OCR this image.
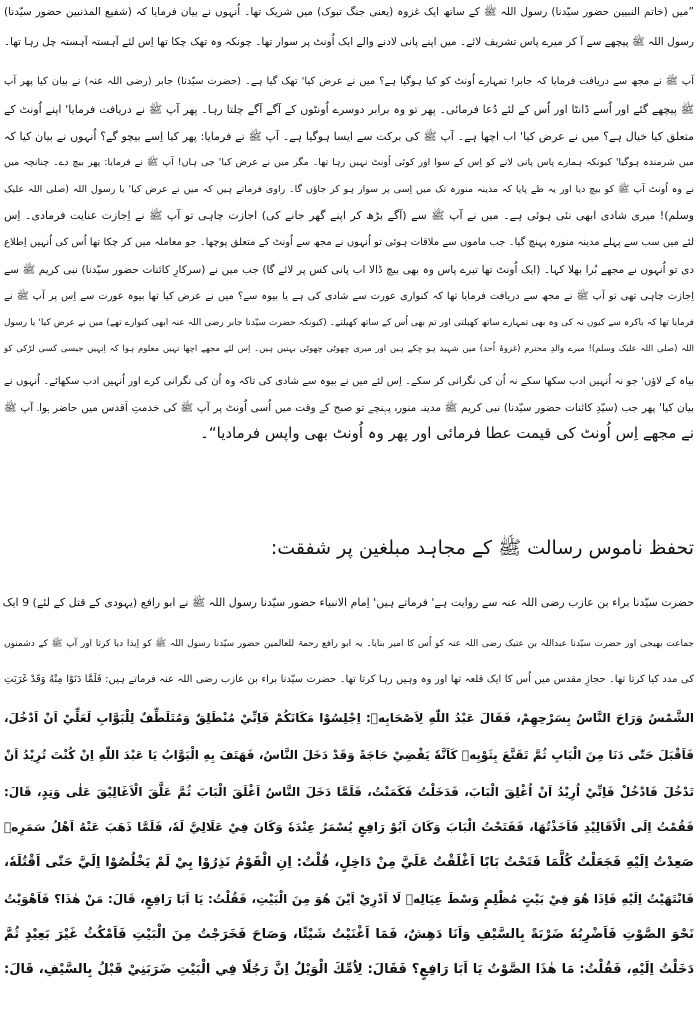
”میں (خاتم النبیین حضور سیّدنا) رسول اللہ ﷺ کے ساتھ ایک غزوہ (یعنی جنگ تبوک) میں شریک تھا۔ اُنہوں نے بیان فرمایا کہ (شفیع المذنبین حضور سیّدنا)
رسول اللہ ﷺ پیچھے سے آ کر میرے پاس تشریف لائے۔ میں اپنے پانی لادنے والے ایک اُونٹ پر سوار تھا۔ چونکہ وہ تھک چکا تھا اِس لئے آہستہ آہستہ چل رہا تھا۔
آپ ﷺ نے مجھ سے دریافت فرمایا کہ جابر! تمہارے اُونٹ کو کیا ہوگیا ہے؟ میں نے عرض کیا' تھک گیا ہے۔ (حضرت سیّدنا) جابر (رضی اللہ عنہ) نے بیان کیا پھر آپ
ﷺ پیچھے گئے اور اُسے ڈانٹا اور اُس کے لئے دُعا فرمائی۔ پھر تو وہ برابر دوسرے اُونٹوں کے آگے آگے چلتا رہا۔ پھر آپ ﷺ نے دریافت فرمایا' اپنے اُونٹ کے
متعلق کیا خیال ہے؟ میں نے عرض کیا' اب اچھا ہے۔ آپ ﷺ کی برکت سے ایسا ہوگیا ہے۔ آپ ﷺ نے فرمایا: پھر کیا اِسے بیچو گے؟ اُنہوں نے بیان کیا کہ
میں شرمندہ ہوگیا' کیونکہ ہمارے پاس پانی لانے کو اِس کے سوا اور کوئی اُونٹ نہیں رہا تھا۔ مگر میں نے عرض کیا' جی ہاں! آپ ﷺ نے فرمایا: پھر بیچ دے۔ چنانچہ میں
نے وہ اُونٹ آپ ﷺ کو بیچ دیا اور یہ طے پایا کہ مدینہ منورہ تک میں اِسی پر سوار ہو کر جاؤں گا۔ راوی فرماتے ہیں کہ میں نے عرض کیا' یا رسول اللہ (صلی اللہ علیک
وسلم)! میری شادی ابھی نئی ہوئی ہے۔ میں نے آپ ﷺ سے (آگے بڑھ کر اپنے گھر جانے کی) اجازت چاہی تو آپ ﷺ نے اِجازت عنایت فرمادی۔ اِس
لئے میں سب سے پہلے مدینہ منورہ پہنچ گیا۔ جب ماموں سے ملاقات ہوئی تو اُنہوں نے مجھ سے اُونٹ کے متعلق پوچھا۔ جو معاملہ میں کر چکا تھا اُس کی اُنہیں اِطلاع
دی تو اُنہوں نے مجھے بُرا بھلا کہا۔ (ایک اُونٹ تھا تیرے پاس وہ بھی بیچ ڈالا اب پانی کس پر لائے گا) جب میں نے (سرکارِ کائنات حضور سیّدنا) نبی کریم ﷺ سے
اِجازت چاہی تھی تو آپ ﷺ نے مجھ سے دریافت فرمایا تھا کہ کنواری عورت سے شادی کی ہے یا بیوہ سے؟ میں نے عرض کیا تھا بیوہ عورت سے اِس پر آپ ﷺ نے
فرمایا تھا کہ باکرہ سے کیوں نہ کی وہ بھی تمہارے ساتھ کھیلتی اور تم بھی اُس کے ساتھ کھیلتے۔ (کیونکہ حضرت سیّدنا جابر رضی اللہ عنہ ابھی کنوارے تھے) میں نے عرض کیا' یا رسول
اللہ (صلی اللہ علیک وسلم)! میرے والدِ محترم (غزوۂ اُحد) میں شہید ہو چکے ہیں اور میری چھوٹی چھوٹی بہنیں ہیں۔ اِس لئے مجھے اچھا نہیں معلوم ہوا کہ اِنہیں جیسی کسی لڑکی کو
بیاہ کے لاؤں' جو نہ اُنہیں ادب سکھا سکے نہ اُن کی نگرانی کر سکے۔ اِس لئے میں نے بیوہ سے شادی کی تاکہ وہ اُن کی نگرانی کرے اور اُنہیں ادب سکھائے۔ اُنہوں نے
بیان کیا' پھر جب (سیّدِ کائنات حضور سیّدنا) نبی کریم ﷺ مدینہ منورہ پہنچے تو صبح کے وقت میں اُسی اُونٹ پر آپ ﷺ کی خدمتِ اَقدس میں حاضر ہوا۔ آپ ﷺ
نے مجھے اِس اُونٹ کی قیمت عطا فرمائی اور پھر وہ اُونٹ بھی واپس فرمادیا“۔
تحفظ ناموس رسالت ﷺ کے مجاہد مبلغین پر شفقت:
حضرت سیّدنا براء بن عازب رضی اللہ عنہ سے روایت ہے' فرماتے ہیں' اِمام الانبیاء حضور سیّدنا رسول اللہ ﷺ نے ابو رافع (یہودی کے قتل کے لئے) 9 ایک
جماعت بھیجی اور حضرت سیّدنا عبداللہ بن عتیک رضی اللہ عنہ کو اُس کا امیر بنایا۔ یہ ابو رافع رحمۃ للعالمین حضور سیّدنا رسول اللہ ﷺ کو اِیذا دیا کرتا اور آپ ﷺ کے دشمنوں
کی مدد کیا کرتا تھا۔ حجازِ مقدس میں اُس کا ایک قلعہ تھا اور وہ وہیں رہا کرتا تھا۔ حضرت سیّدنا براء بن عازب رضی اللہ عنہ فرماتے ہیں: فَلَمَّا دَنَوْا مِنْهُ وَقَدْ غَرَبَتِ
الشَّمْسُ وَرَاحَ النَّاسُ بِسَرْحِهِمْ، فَقَالَ عَبْدُ اللّٰهِ لِاَصْحَابِهٖ: اِجْلِسُوْا مَكَانَكُمْ فَاِنِّيْ مُنْطَلِقٌ وَمُتَلَطِّفٌ لِلْبَوَّابِ لَعَلِّيْ اَنْ اَدْخُلَ،
فَاَقْبَلَ حَتّٰى دَنَا مِنَ الْبَابِ ثُمَّ تَقَنَّعَ بِثَوْبِهٖ كَاَنَّهٗ يَقْضِيْ حَاجَةً وَقَدْ دَخَلَ النَّاسُ، فَهَتَفَ بِهِ الْبَوَّابُ يَا عَبْدَ اللّٰهِ اِنْ كُنْتَ تُرِيْدُ اَنْ
تَدْخُلَ فَادْخُلْ فَاِنِّيْ اُرِيْدُ اَنْ اُغْلِقَ الْبَابَ، فَدَخَلْتُ فَكَمَنْتُ، فَلَمَّا دَخَلَ النَّاسُ اَغْلَقَ الْبَابَ ثُمَّ عَلَّقَ الْاَغَالِيْقَ عَلٰى وَتِدٍ، قَالَ:
فَقُمْتُ اِلَى الْاَقَالِيْدِ فَاَخَذْتُهَا، فَفَتَحْتُ الْبَابَ وَكَانَ اَبُوْ رَافِعٍ يُسْمَرُ عِنْدَهٗ وَكَانَ فِيْ عَلَالِيَّ لَهٗ، فَلَمَّا ذَهَبَ عَنْهُ اَهْلُ سَمَرِهٖ
صَعِدْتُ اِلَيْهِ فَجَعَلْتُ كُلَّمَا فَتَحْتُ بَابًا اَغْلَقْتُ عَلَيَّ مِنْ دَاخِلٍ، قُلْتُ: اِنِ الْقَوْمُ نَذِرُوْا بِيْ لَمْ يَخْلُصُوْا اِلَيَّ حَتّٰى اَقْتُلَهٗ،
فَانْتَهَيْتُ اِلَيْهِ فَاِذَا هُوَ فِيْ بَيْتٍ مُظْلِمٍ وَسْطَ عِيَالِهٖ لَا اَدْرِيْ اَيْنَ هُوَ مِنَ الْبَيْتِ، فَقُلْتُ: يَا اَبَا رَافِعٍ، قَالَ: مَنْ هٰذَا؟ فَاَهْوَيْتُ
نَحْوَ الصَّوْتِ فَاَضْرِبُهٗ ضَرْبَةً بِالسَّيْفِ وَاَنَا دَهِشٌ، فَمَا اَغْنَيْتُ شَيْئًا، وَصَاحَ فَخَرَجْتُ مِنَ الْبَيْتِ فَاَمْكُثُ غَيْرَ بَعِيْدٍ ثُمَّ
دَخَلْتُ اِلَيْهِ، فَقُلْتُ: مَا هٰذَا الصَّوْتُ يَا اَبَا رَافِعٍ؟ فَقَالَ: لِاُمِّكَ الْوَيْلُ اِنَّ رَجُلًا فِي الْبَيْتِ ضَرَبَنِيْ قَبْلُ بِالسَّيْفِ، قَالَ:
